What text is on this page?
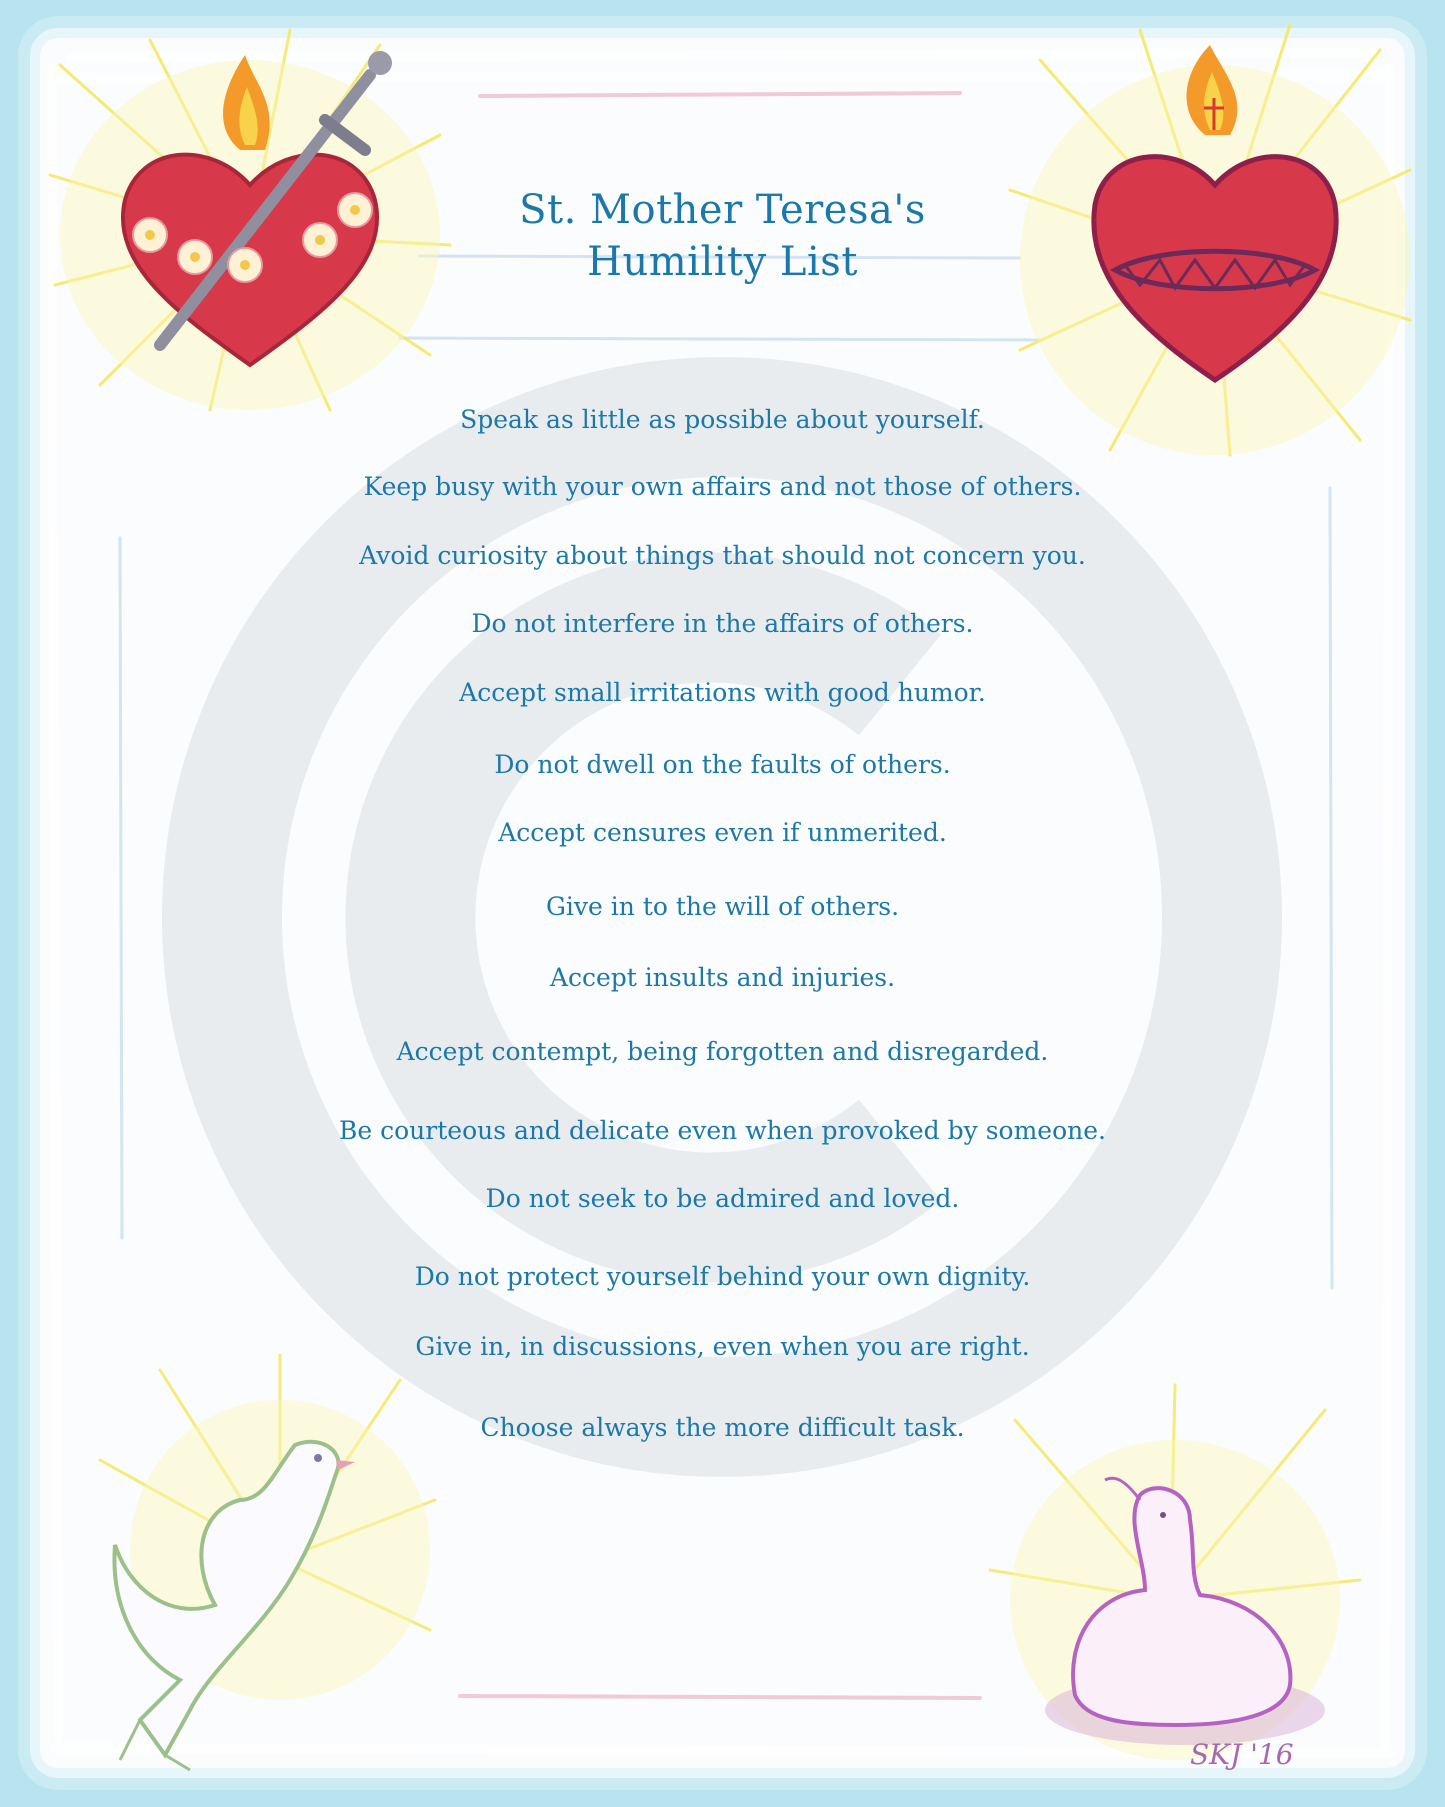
St. Mother Teresa's
Humility List
Speak as little as possible about yourself.
Keep busy with your own affairs and not those of others.
Avoid curiosity about things that should not concern you.
Do not interfere in the affairs of others.
Accept small irritations with good humor.
Do not dwell on the faults of others.
Accept censures even if unmerited.
Give in to the will of others.
Accept insults and injuries.
Accept contempt, being forgotten and disregarded.
Be courteous and delicate even when provoked by someone.
Do not seek to be admired and loved.
Do not protect yourself behind your own dignity.
Give in, in discussions, even when you are right.
Choose always the more difficult task.
SKJ '16
